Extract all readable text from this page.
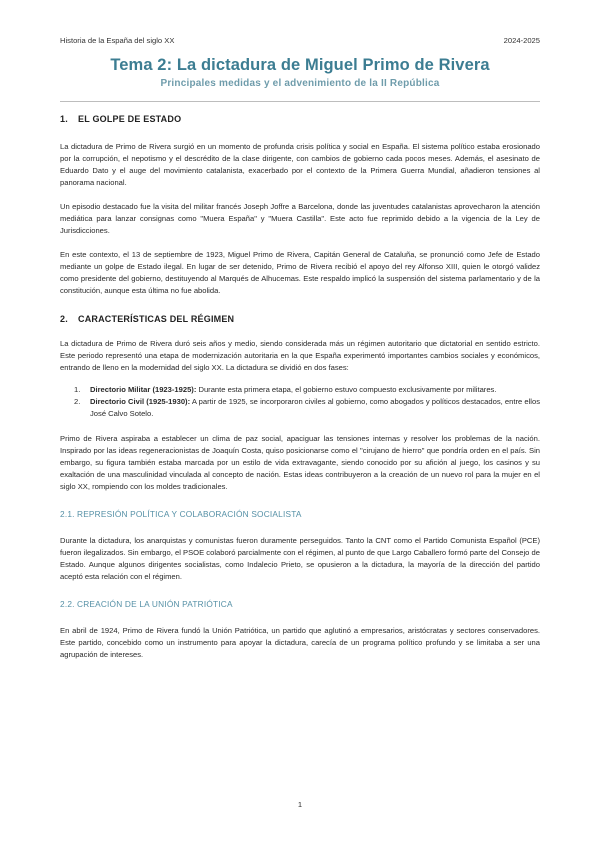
Historia de la España del siglo XX	2024-2025
Tema 2: La dictadura de Miguel Primo de Rivera
Principales medidas y el advenimiento de la II República
1. EL GOLPE DE ESTADO

La dictadura de Primo de Rivera surgió en un momento de profunda crisis política y social en España. El sistema político estaba erosionado por la corrupción, el nepotismo y el descrédito de la clase dirigente, con cambios de gobierno cada pocos meses. Además, el asesinato de Eduardo Dato y el auge del movimiento catalanista, exacerbado por el contexto de la Primera Guerra Mundial, añadieron tensiones al panorama nacional.

Un episodio destacado fue la visita del militar francés Joseph Joffre a Barcelona, donde las juventudes catalanistas aprovecharon la atención mediática para lanzar consignas como "Muera España" y "Muera Castilla". Este acto fue reprimido debido a la vigencia de la Ley de Jurisdicciones.

En este contexto, el 13 de septiembre de 1923, Miguel Primo de Rivera, Capitán General de Cataluña, se pronunció como Jefe de Estado mediante un golpe de Estado ilegal. En lugar de ser detenido, Primo de Rivera recibió el apoyo del rey Alfonso XIII, quien le otorgó validez como presidente del gobierno, destituyendo al Marqués de Alhucemas. Este respaldo implicó la suspensión del sistema parlamentario y de la constitución, aunque esta última no fue abolida.

2. CARACTERÍSTICAS DEL RÉGIMEN

La dictadura de Primo de Rivera duró seis años y medio, siendo considerada más un régimen autoritario que dictatorial en sentido estricto. Este periodo representó una etapa de modernización autoritaria en la que España experimentó importantes cambios sociales y económicos, entrando de lleno en la modernidad del siglo XX. La dictadura se dividió en dos fases:

1. Directorio Militar (1923-1925): Durante esta primera etapa, el gobierno estuvo compuesto exclusivamente por militares.
2. Directorio Civil (1925-1930): A partir de 1925, se incorporaron civiles al gobierno, como abogados y políticos destacados, entre ellos José Calvo Sotelo.

Primo de Rivera aspiraba a establecer un clima de paz social, apaciguar las tensiones internas y resolver los problemas de la nación. Inspirado por las ideas regeneracionistas de Joaquín Costa, quiso posicionarse como el "cirujano de hierro" que pondría orden en el país. Sin embargo, su figura también estaba marcada por un estilo de vida extravagante, siendo conocido por su afición al juego, los casinos y su exaltación de una masculinidad vinculada al concepto de nación. Estas ideas contribuyeron a la creación de un nuevo rol para la mujer en el siglo XX, rompiendo con los moldes tradicionales.

2.1. REPRESIÓN POLÍTICA Y COLABORACIÓN SOCIALISTA

Durante la dictadura, los anarquistas y comunistas fueron duramente perseguidos. Tanto la CNT como el Partido Comunista Español (PCE) fueron ilegalizados. Sin embargo, el PSOE colaboró parcialmente con el régimen, al punto de que Largo Caballero formó parte del Consejo de Estado. Aunque algunos dirigentes socialistas, como Indalecio Prieto, se opusieron a la dictadura, la mayoría de la dirección del partido aceptó esta relación con el régimen.

2.2. CREACIÓN DE LA UNIÓN PATRIÓTICA

En abril de 1924, Primo de Rivera fundó la Unión Patriótica, un partido que aglutinó a empresarios, aristócratas y sectores conservadores. Este partido, concebido como un instrumento para apoyar la dictadura, carecía de un programa político profundo y se limitaba a ser una agrupación de intereses.

1
